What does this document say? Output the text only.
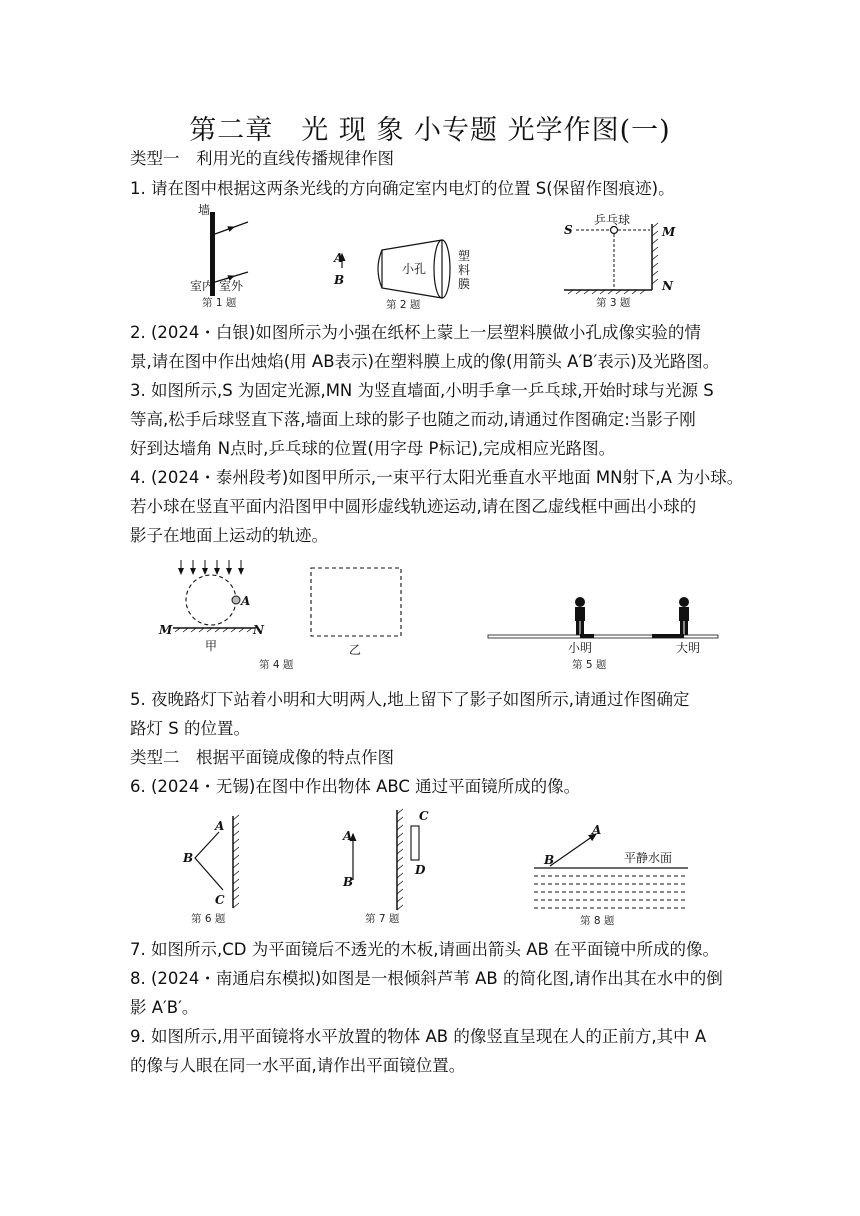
第二章　光 现 象 小专题 光学作图(一)
类型一　利用光的直线传播规律作图
1. 请在图中根据这两条光线的方向确定室内电灯的位置 S(保留作图痕迹)。
墙
室内 室外
第 1 题
A
B
小孔
塑
料
膜
第 2 题
S
乒乓球
M
N
第 3 题
2. (2024・白银)如图所示为小强在纸杯上蒙上一层塑料膜做小孔成像实验的情
景,请在图中作出烛焰(用 AB表示)在塑料膜上成的像(用箭头 A′B′表示)及光路图。
3. 如图所示,S 为固定光源,MN 为竖直墙面,小明手拿一乒乓球,开始时球与光源 S
等高,松手后球竖直下落,墙面上球的影子也随之而动,请通过作图确定:当影子刚
好到达墙角 N点时,乒乓球的位置(用字母 P标记),完成相应光路图。
4. (2024・泰州段考)如图甲所示,一束平行太阳光垂直水平地面 MN射下,A 为小球。
若小球在竖直平面内沿图甲中圆形虚线轨迹运动,请在图乙虚线框中画出小球的
影子在地面上运动的轨迹。
A
M	N
甲	乙
第 4 题
小明	大明
第 5 题
5. 夜晚路灯下站着小明和大明两人,地上留下了影子如图所示,请通过作图确定
路灯 S 的位置。
类型二　根据平面镜成像的特点作图
6. (2024・无锡)在图中作出物体 ABC 通过平面镜所成的像。
A
B
C
第 6 题
A
B
C
D
第 7 题
A
B	平静水面
第 8 题
7. 如图所示,CD 为平面镜后不透光的木板,请画出箭头 AB 在平面镜中所成的像。
8. (2024・南通启东模拟)如图是一根倾斜芦苇 AB 的简化图,请作出其在水中的倒
影 A′B′。
9. 如图所示,用平面镜将水平放置的物体 AB 的像竖直呈现在人的正前方,其中 A
的像与人眼在同一水平面,请作出平面镜位置。
